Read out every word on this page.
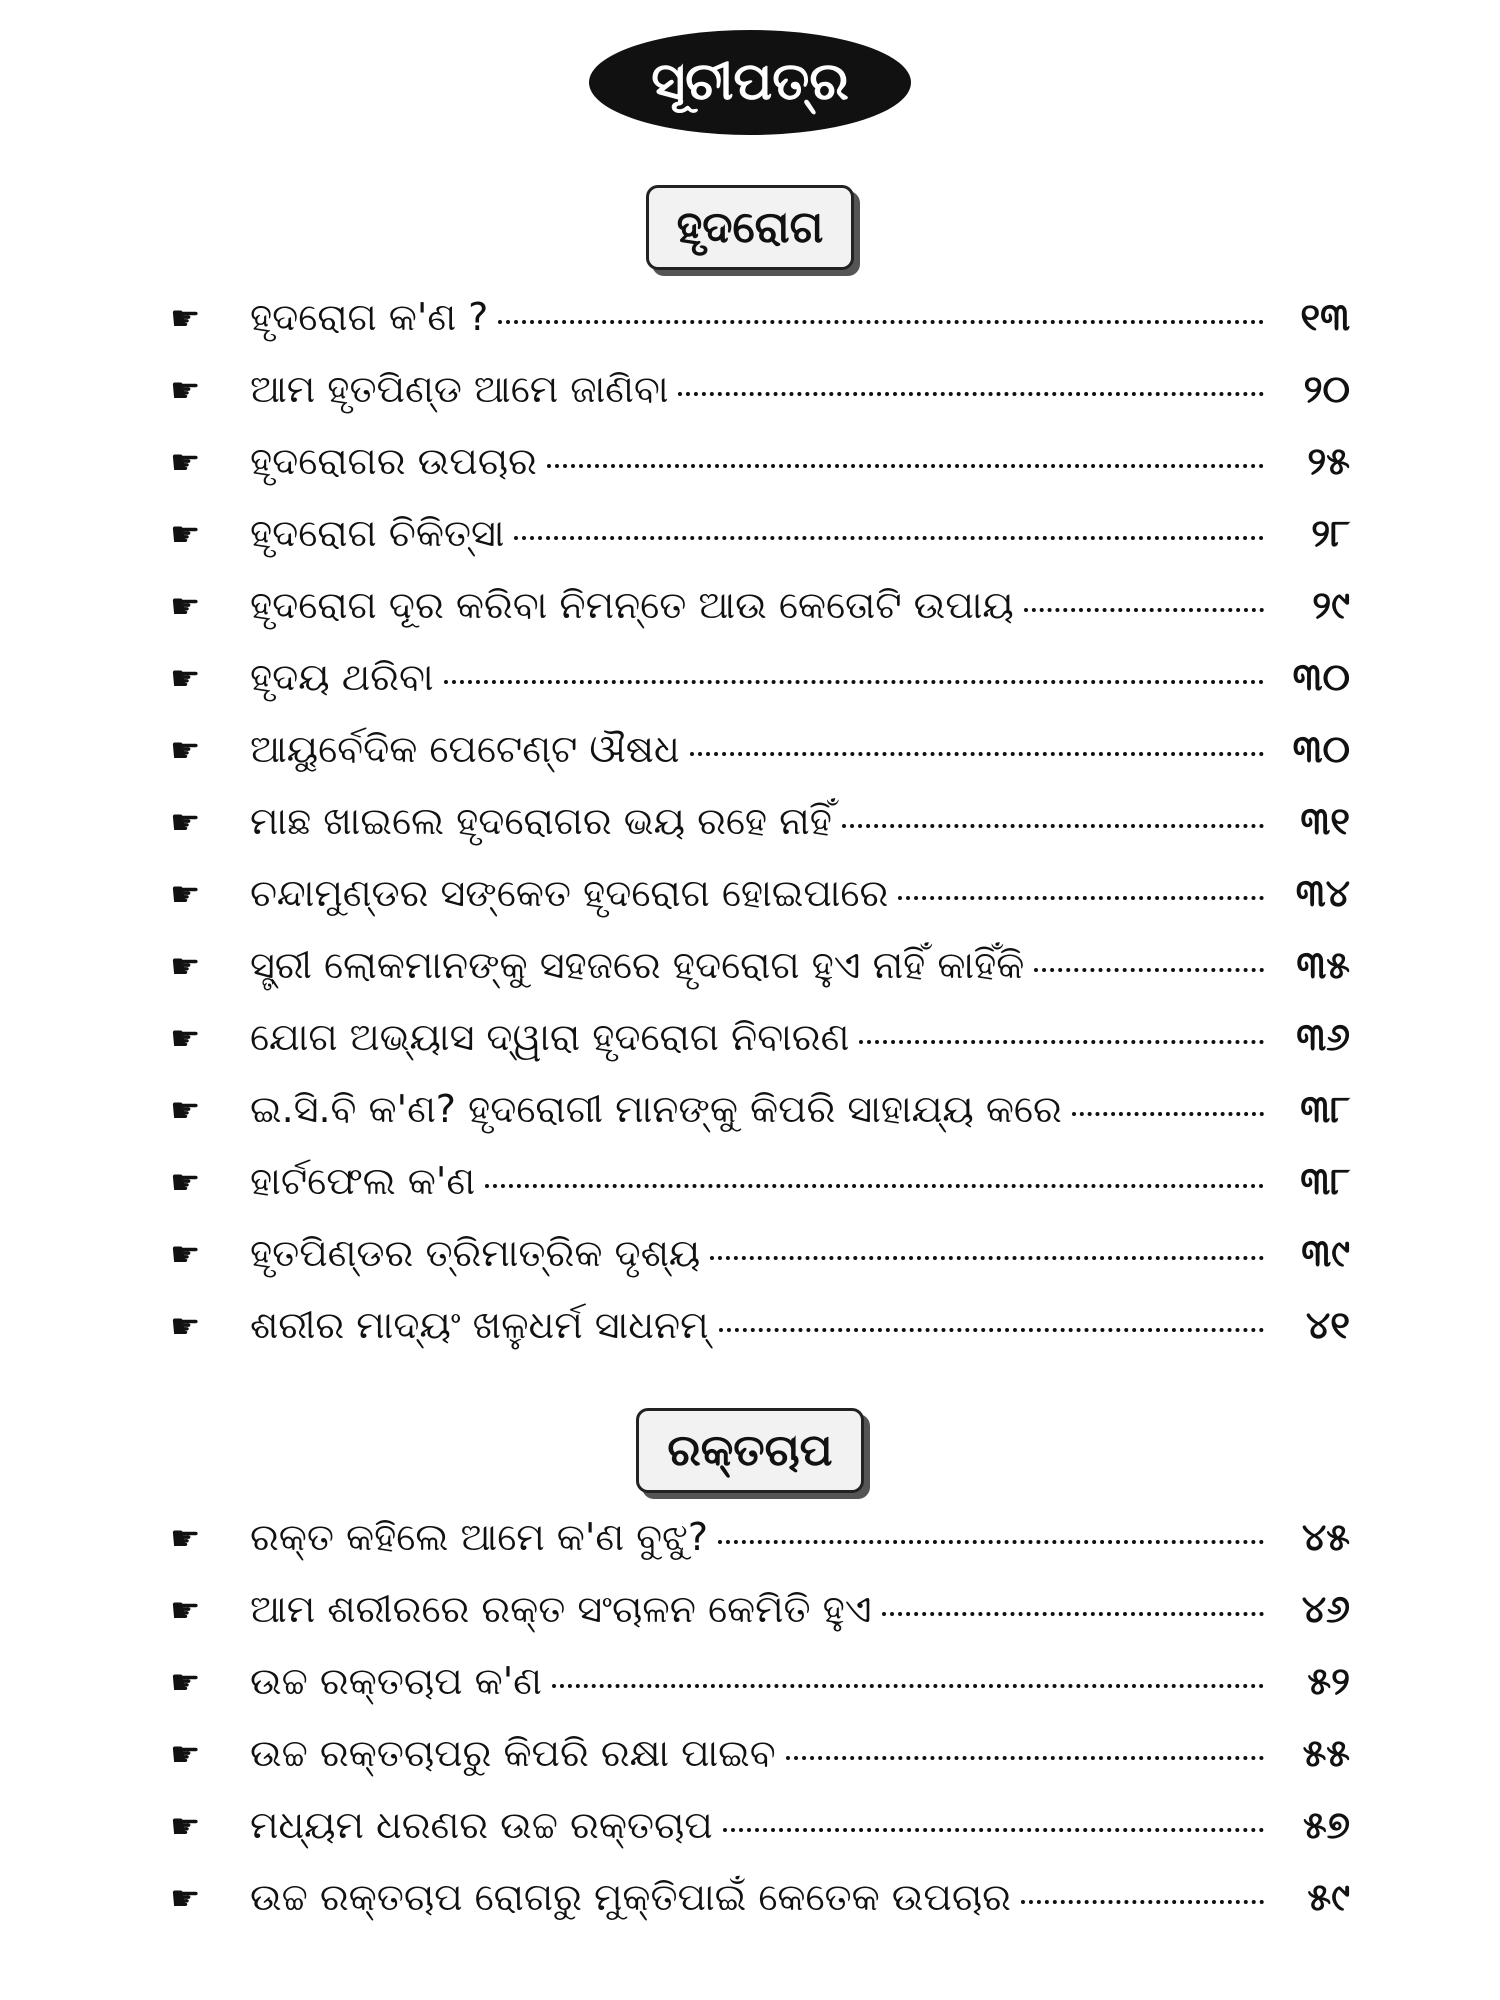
ସୂଚୀପତ୍ର
ହୃଦରୋଗ
☛	ହୃଦରୋଗ କ'ଣ ?	୧୩
☛	ଆମ ହୃତପିଣ୍ଡ ଆମେ ଜାଣିବା	୨୦
☛	ହୃଦରୋଗର ଉପଚାର	୨୫
☛	ହୃଦରୋଗ ଚିକିତ୍ସା	୨୮
☛	ହୃଦରୋଗ ଦୂର କରିବା ନିମନ୍ତେ ଆଉ କେତୋଟି ଉପାୟ	୨୯
☛	ହୃଦୟ ଥରିବା	୩୦
☛	ଆୟୁର୍ବେଦିକ ପେଟେଣ୍ଟ ଔଷଧ	୩୦
☛	ମାଛ ଖାଇଲେ ହୃଦରୋଗର ଭୟ ରହେ ନାହିଁ	୩୧
☛	ଚନ୍ଦାମୁଣ୍ଡର ସଙ୍କେତ ହୃଦରୋଗ ହୋଇପାରେ	୩୪
☛	ସ୍ତ୍ରୀ ଲୋକମାନଙ୍କୁ ସହଜରେ ହୃଦରୋଗ ହୁଏ ନାହିଁ କାହିଁକି	୩୫
☛	ଯୋଗ ଅଭ୍ୟାସ ଦ୍ୱାରା ହୃଦରୋଗ ନିବାରଣ	୩୬
☛	ଇ.ସି.ବି କ'ଣ? ହୃଦରୋଗୀ ମାନଙ୍କୁ କିପରି ସାହାଯ୍ୟ କରେ	୩୮
☛	ହାର୍ଟଫେଲ କ'ଣ	୩୮
☛	ହୃତପିଣ୍ଡର ତ୍ରିମାତ୍ରିକ ଦୃଶ୍ୟ	୩୯
☛	ଶରୀର ମାଦ୍ୟଂ ଖଳୁଧର୍ମ ସାଧନମ୍	୪୧
ରକ୍ତଚାପ
☛	ରକ୍ତ କହିଲେ ଆମେ କ'ଣ ବୁଝୁ?	୪୫
☛	ଆମ ଶରୀରରେ ରକ୍ତ ସଂଚାଳନ କେମିତି ହୁଏ	୪୬
☛	ଉଚ୍ଚ ରକ୍ତଚାପ କ'ଣ	୫୨
☛	ଉଚ୍ଚ ରକ୍ତଚାପରୁ କିପରି ରକ୍ଷା ପାଇବ	୫୫
☛	ମଧ୍ୟମ ଧରଣର ଉଚ୍ଚ ରକ୍ତଚାପ	୫୭
☛	ଉଚ୍ଚ ରକ୍ତଚାପ ରୋଗରୁ ମୁକ୍ତିପାଇଁ କେତେକ ଉପଚାର	୫୯
